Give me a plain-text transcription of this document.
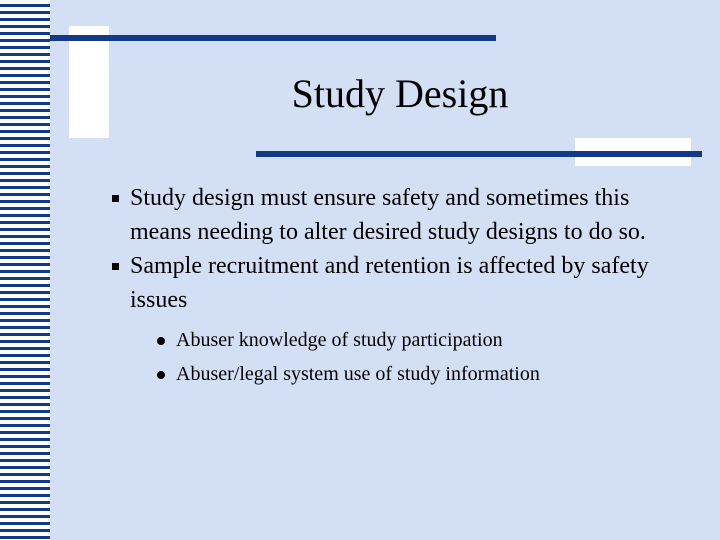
Study Design
Study design must ensure safety and sometimes this means needing to alter desired study designs to do so.
Sample recruitment and retention is affected by safety issues
Abuser knowledge of study participation
Abuser/legal system use of study information
